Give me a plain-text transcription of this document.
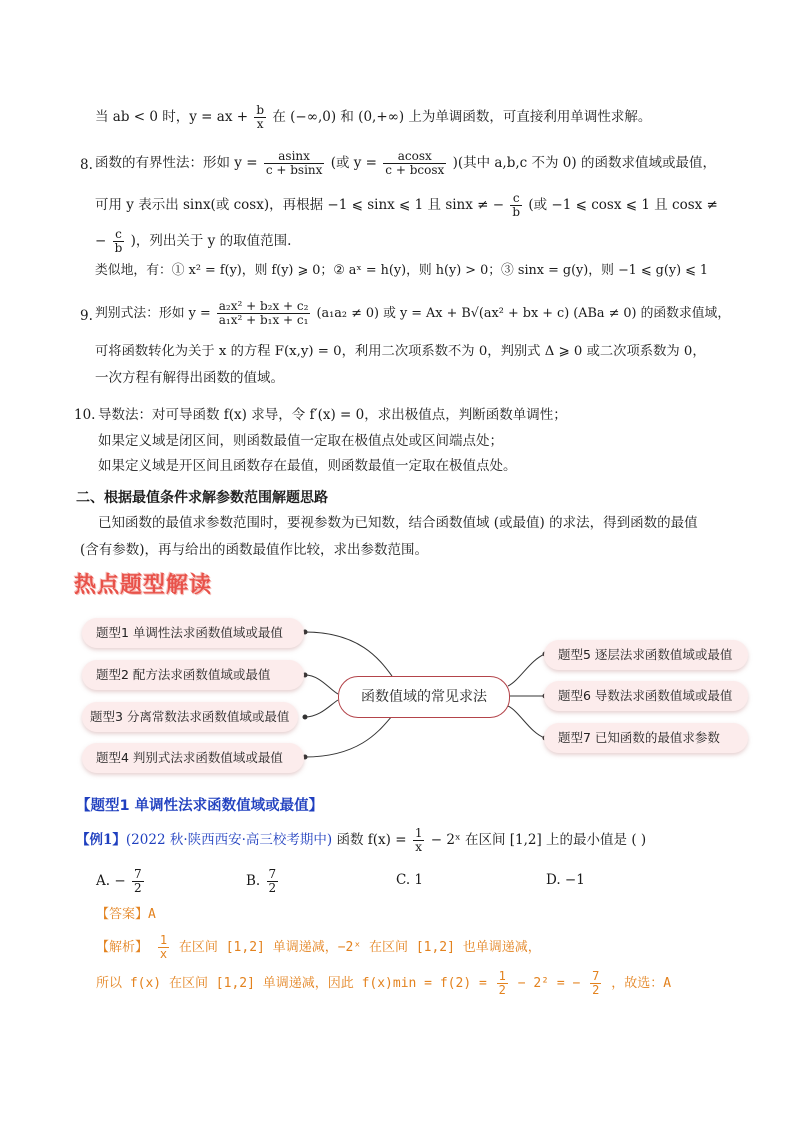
当 ab < 0 时，y = ax + $\frac{b}{x}$ 在 (−∞,0) 和 (0,+∞) 上为单调函数，可直接利用单调性求解。
8. 函数的有界性法：形如 $y = \frac{asinx}{c + bsinx}$ (或 $y = \frac{acosx}{c + bcosx}$ )(其中 a,b,c 不为 0) 的函数求值域或最值，
可用 y 表示出 sinx(或 cosx)，再根据 −1 ⩽ sinx ⩽ 1 且 sinx ≠ − $\frac{c}{b}$ (或 −1 ⩽ cosx ⩽ 1 且 cosx ≠
− $\frac{c}{b}$ )，列出关于 y 的取值范围.
类似地，有：① x² = f(y)，则 f(y) ⩾ 0；② aˣ = h(y)，则 h(y) > 0；③ sinx = g(y)，则 −1 ⩽ g(y) ⩽ 1
9. 判别式法：形如 $y = \frac{\text{a₂x² + b₂x + c₂}}{\text{a₁x² + b₁x + c₁}} (a_1a_2 \ne 0)$ 或 y = Ax + B√(ax² + bx + c) (ABa ≠ 0) 的函数求值域，
可将函数转化为关于 x 的方程 F(x,y) = 0，利用二次项系数不为 0，判别式 Δ ⩾ 0 或二次项系数为 0，
一次方程有解得出函数的值域。
10. 导数法：对可导函数 f(x) 求导，令 f′(x) = 0，求出极值点，判断函数单调性；
如果定义域是闭区间，则函数最值一定取在极值点处或区间端点处；
如果定义域是开区间且函数存在最值，则函数最值一定取在极值点处。
二、根据最值条件求解参数范围解题思路
已知函数的最值求参数范围时，要视参数为已知数，结合函数值域 (或最值) 的求法，得到函数的最值
(含有参数)，再与给出的函数最值作比较，求出参数范围。
热点题型解读
题型1 单调性法求函数值域或最值
题型2 配方法求函数值域或最值
题型3 分离常数法求函数值域或最值
题型4 判别式法求函数值域或最值
函数值域的常见求法
题型5 逐层法求函数值域或最值
题型6 导数法求函数值域或最值
题型7 已知函数的最值求参数
【题型1 单调性法求函数值域或最值】
【例1】(2022 秋·陕西西安·高三校考期中) 函数 $f(x) = \frac{1}{x}$ − 2ˣ 在区间 [1,2] 上的最小值是 ( )
A. − $\frac{7}{2}$	B. $\frac{7}{2}$	C. 1	D. −1
【答案】A
【解析】 $\frac{1}{x}$ 在区间 [1,2] 单调递减，−2ˣ 在区间 [1,2] 也单调递减，
所以 f(x) 在区间 [1,2] 单调递减，因此 $f(x)\min = f(2) = \frac{1}{2} - 2^2$ = − $\frac{7}{2}$ ，故选：A
